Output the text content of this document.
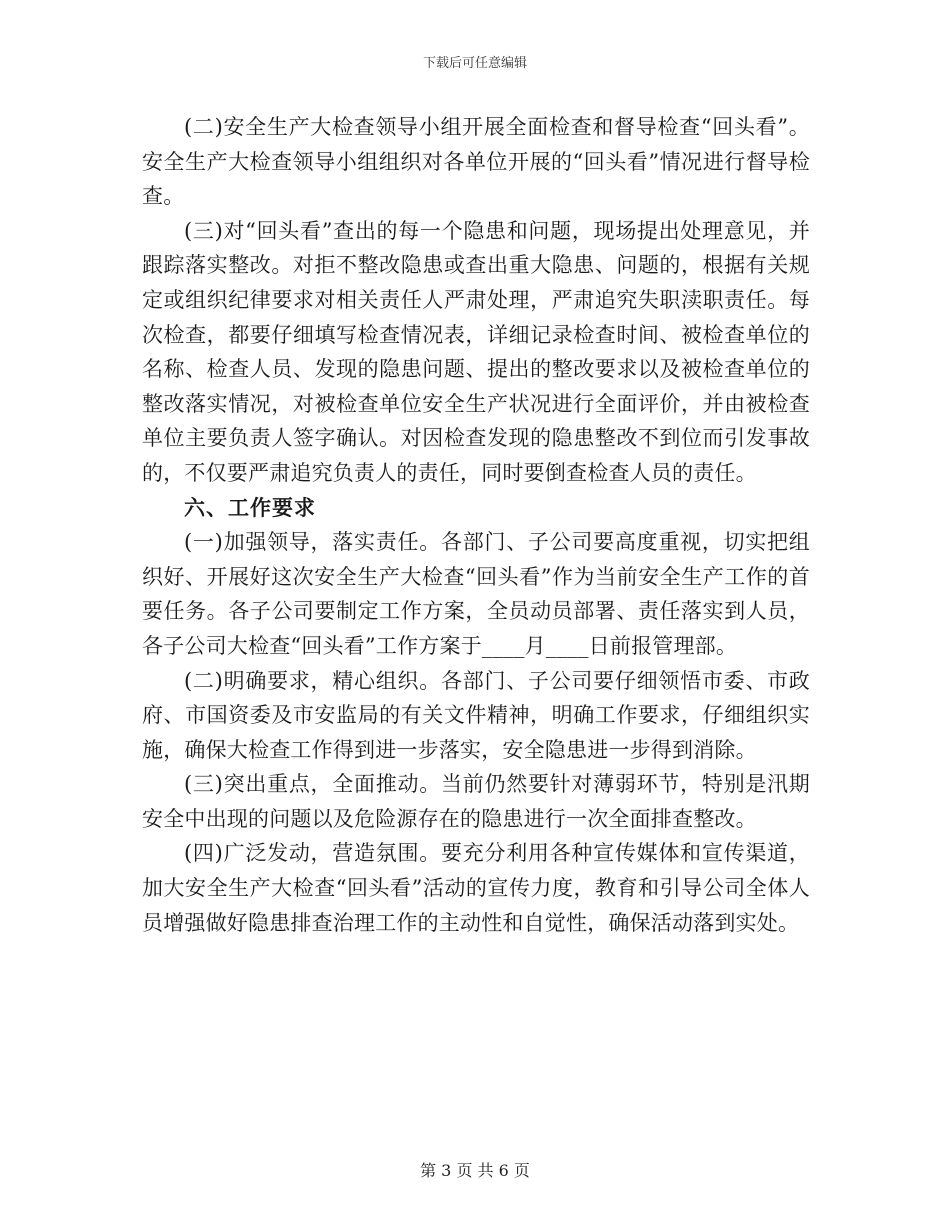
下载后可任意编辑

(二)安全生产大检查领导小组开展全面检查和督导检查“回头看”。安全生产大检查领导小组组织对各单位开展的“回头看”情况进行督导检查。

(三)对“回头看”查出的每一个隐患和问题，现场提出处理意见，并跟踪落实整改。对拒不整改隐患或查出重大隐患、问题的，根据有关规定或组织纪律要求对相关责任人严肃处理，严肃追究失职渎职责任。每次检查，都要仔细填写检查情况表，详细记录检查时间、被检查单位的名称、检查人员、发现的隐患问题、提出的整改要求以及被检查单位的整改落实情况，对被检查单位安全生产状况进行全面评价，并由被检查单位主要负责人签字确认。对因检查发现的隐患整改不到位而引发事故的，不仅要严肃追究负责人的责任，同时要倒查检查人员的责任。

六、工作要求

(一)加强领导，落实责任。各部门、子公司要高度重视，切实把组织好、开展好这次安全生产大检查“回头看”作为当前安全生产工作的首要任务。各子公司要制定工作方案，全员动员部署、责任落实到人员，各子公司大检查“回头看”工作方案于____月____日前报管理部。

(二)明确要求，精心组织。各部门、子公司要仔细领悟市委、市政府、市国资委及市安监局的有关文件精神，明确工作要求，仔细组织实施，确保大检查工作得到进一步落实，安全隐患进一步得到消除。

(三)突出重点，全面推动。当前仍然要针对薄弱环节，特别是汛期安全中出现的问题以及危险源存在的隐患进行一次全面排查整改。

(四)广泛发动，营造氛围。要充分利用各种宣传媒体和宣传渠道，加大安全生产大检查“回头看”活动的宣传力度，教育和引导公司全体人员增强做好隐患排查治理工作的主动性和自觉性，确保活动落到实处。

第 3 页 共 6 页
